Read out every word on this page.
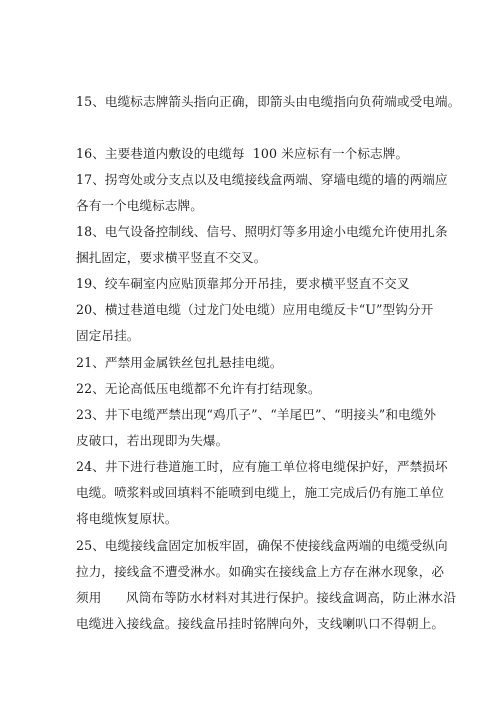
15、电缆标志牌箭头指向正确，即箭头由电缆指向负荷端或受电端。
16、主要巷道内敷设的电缆每  100 米应标有一个标志牌。
17、拐弯处或分支点以及电缆接线盒两端、穿墙电缆的墙的两端应
各有一个电缆标志牌。
18、电气设备控制线、信号、照明灯等多用途小电缆允许使用扎条
捆扎固定，要求横平竖直不交叉。
19、绞车硐室内应贴顶靠邦分开吊挂，要求横平竖直不交叉
20、横过巷道电缆（过龙门处电缆）应用电缆反卡“U”型钩分开
固定吊挂。
21、严禁用金属铁丝包扎悬挂电缆。
22、无论高低压电缆都不允许有打结现象。
23、井下电缆严禁出现“鸡爪子”、“羊尾巴”、“明接头”和电缆外
皮破口，若出现即为失爆。
24、井下进行巷道施工时，应有施工单位将电缆保护好，严禁损坏
电缆。喷浆料或回填料不能喷到电缆上，施工完成后仍有施工单位
将电缆恢复原状。
25、电缆接线盒固定加板牢固，确保不使接线盒两端的电缆受纵向
拉力，接线盒不遭受淋水。如确实在接线盒上方存在淋水现象，必
须用      风筒布等防水材料对其进行保护。接线盒调高，防止淋水沿
电缆进入接线盒。接线盒吊挂时铭牌向外，支线喇叭口不得朝上。
